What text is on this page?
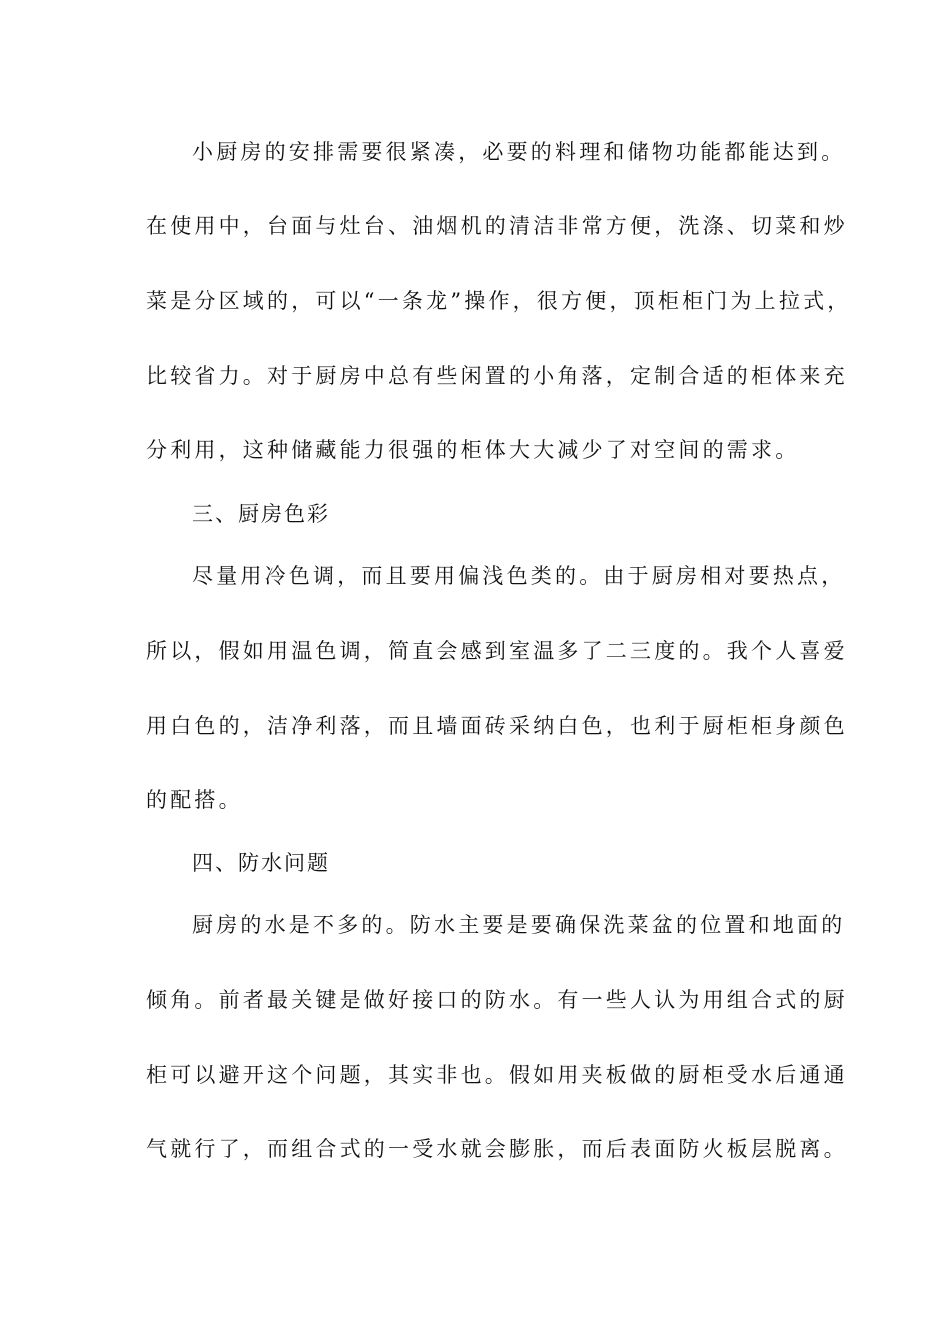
小厨房的安排需要很紧凑，必要的料理和储物功能都能达到。
在使用中，台面与灶台、油烟机的清洁非常方便，洗涤、切菜和炒
菜是分区域的，可以“一条龙”操作，很方便，顶柜柜门为上拉式，
比较省力。对于厨房中总有些闲置的小角落，定制合适的柜体来充
分利用，这种储藏能力很强的柜体大大减少了对空间的需求。
三、厨房色彩
尽量用冷色调，而且要用偏浅色类的。由于厨房相对要热点，
所以，假如用温色调，简直会感到室温多了二三度的。我个人喜爱
用白色的，洁净利落，而且墙面砖采纳白色，也利于厨柜柜身颜色
的配搭。
四、防水问题
厨房的水是不多的。防水主要是要确保洗菜盆的位置和地面的
倾角。前者最关键是做好接口的防水。有一些人认为用组合式的厨
柜可以避开这个问题，其实非也。假如用夹板做的厨柜受水后通通
气就行了，而组合式的一受水就会膨胀，而后表面防火板层脱离。
